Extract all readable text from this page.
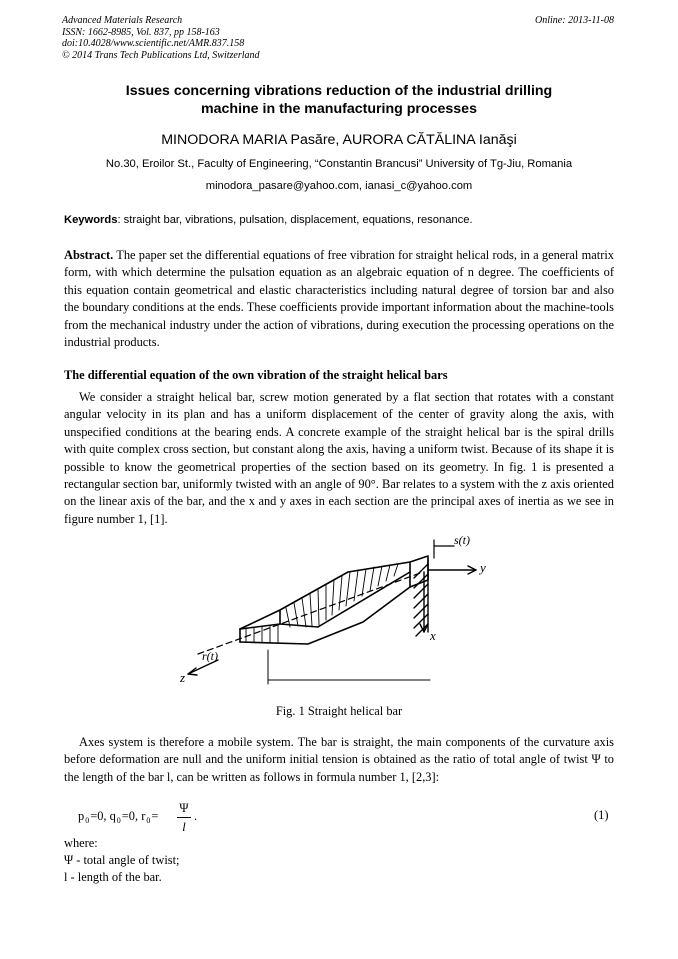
Advanced Materials Research
ISSN: 1662-8985, Vol. 837, pp 158-163
doi:10.4028/www.scientific.net/AMR.837.158
© 2014 Trans Tech Publications Ltd, Switzerland
Online: 2013-11-08
Issues concerning vibrations reduction of the industrial drilling
machine in the manufacturing processes
MINODORA MARIA Pasăre, AURORA CĂTĂLINA Ianăşi
No.30, Eroilor St., Faculty of Engineering, “Constantin Brancusi” University of Tg-Jiu, Romania
minodora_pasare@yahoo.com, ianasi_c@yahoo.com
Keywords: straight bar, vibrations, pulsation, displacement, equations, resonance.
Abstract. The paper set the differential equations of free vibration for straight helical rods, in a general matrix form, with which determine the pulsation equation as an algebraic equation of n degree. The coefficients of this equation contain geometrical and elastic characteristics including natural degree of torsion bar and also the boundary conditions at the ends. These coefficients provide important information about the machine-tools from the mechanical industry under the action of vibrations, during execution the processing operations on the industrial products.
The differential equation of the own vibration of the straight helical bars
We consider a straight helical bar, screw motion generated by a flat section that rotates with a constant angular velocity in its plan and has a uniform displacement of the center of gravity along the axis, with unspecified conditions at the bearing ends. A concrete example of the straight helical bar is the spiral drills with quite complex cross section, but constant along the axis, having a uniform twist. Because of its shape it is possible to know the geometrical properties of the section based on its geometry. In fig. 1 is presented a rectangular section bar, uniformly twisted with an angle of 90°. Bar relates to a system with the z axis oriented on the linear axis of the bar, and the x and y axes in each section are the principal axes of inertia as we see in figure number 1, [1].
s(t)
y
x
z
r(t)
Fig. 1 Straight helical bar
Axes system is therefore a mobile system. The bar is straight, the main components of the curvature axis before deformation are null and the uniform initial tension is obtained as the ratio of total angle of twist Ψ to the length of the bar l, can be written as follows in formula number 1, [2,3]:
$p_0=0$, $q_0=0$, $r_0=$
Ψ
l
.	(1)
where:
Ψ - total angle of twist;
l - length of the bar.
